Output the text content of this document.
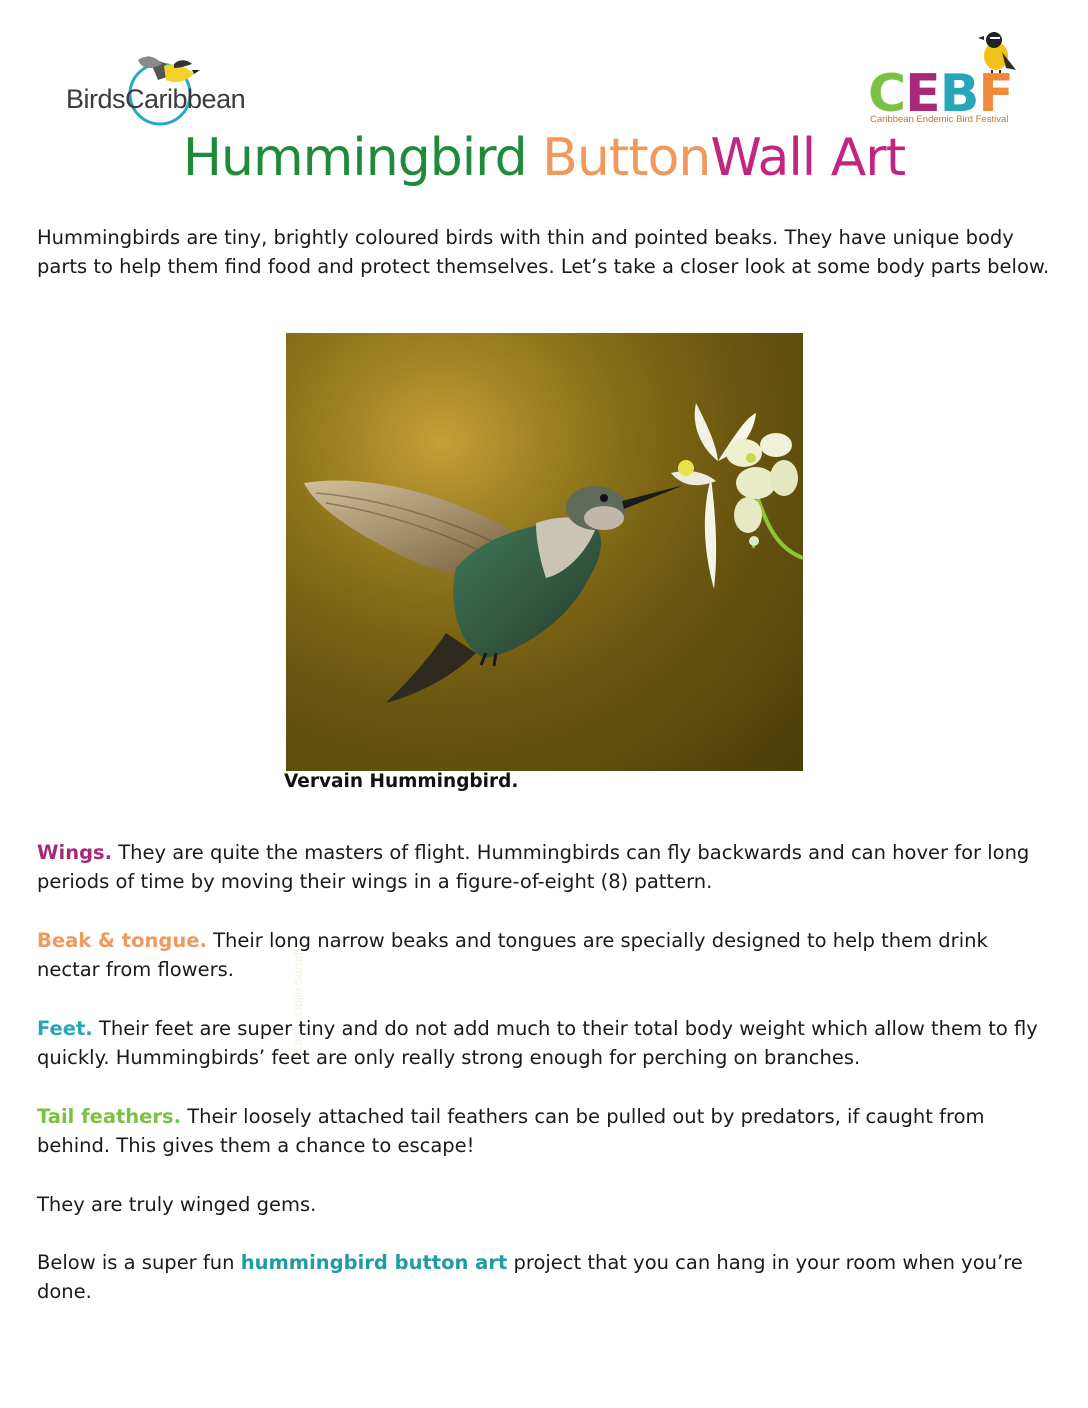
BirdsCaribbean	CEBF
Caribbean Endemic Bird Festival
Hummingbird ButtonWall Art

Hummingbirds are tiny, brightly coloured birds with thin and pointed beaks. They have unique body parts to help them find food and protect themselves. Let’s take a closer look at some body parts below.

©Carlos Objio Sarraff
Vervain Hummingbird.

Wings. They are quite the masters of flight. Hummingbirds can fly backwards and can hover for long periods of time by moving their wings in a figure-of-eight (8) pattern.

Beak & tongue. Their long narrow beaks and tongues are specially designed to help them drink nectar from flowers.

Feet. Their feet are super tiny and do not add much to their total body weight which allow them to fly quickly. Hummingbirds’ feet are only really strong enough for perching on branches.

Tail feathers. Their loosely attached tail feathers can be pulled out by predators, if caught from behind. This gives them a chance to escape!

They are truly winged gems.

Below is a super fun hummingbird button art project that you can hang in your room when you’re done.
